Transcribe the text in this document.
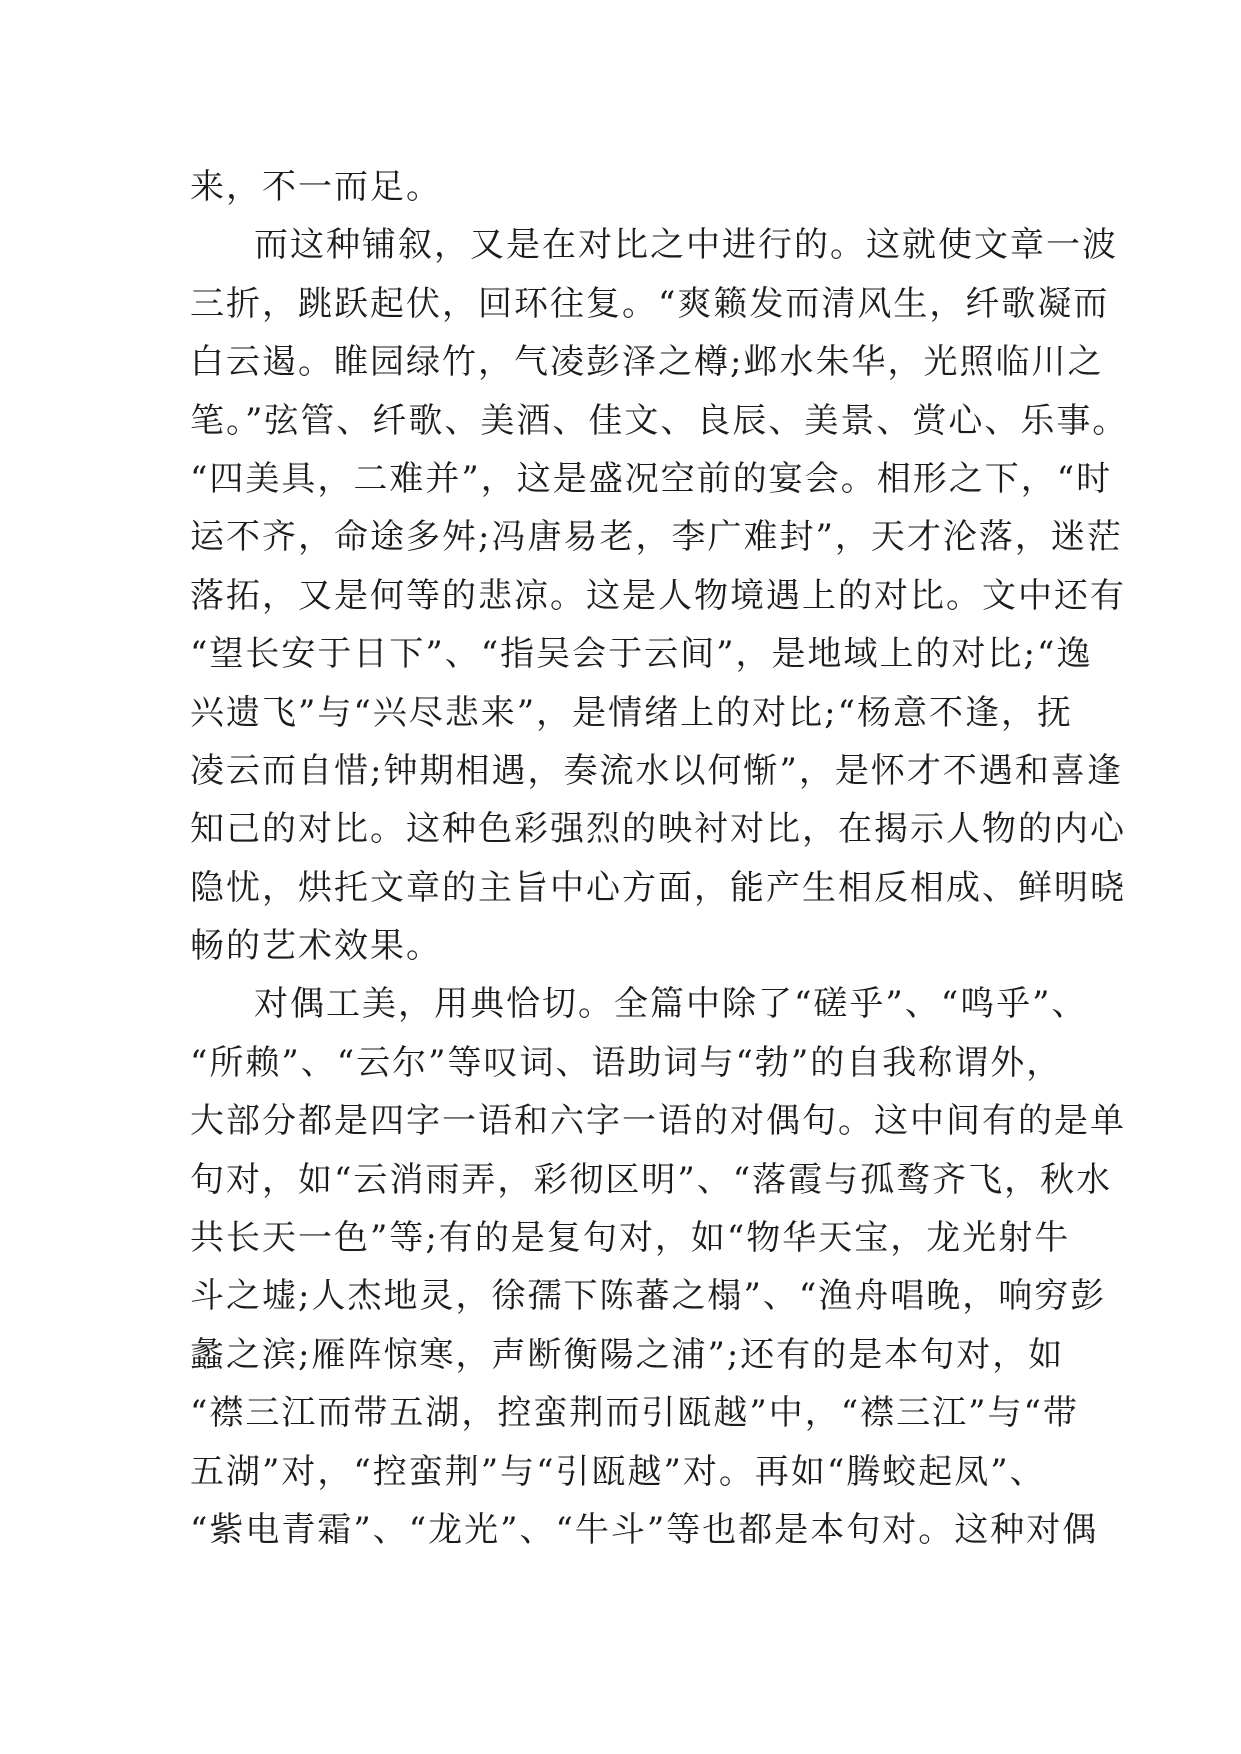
来，不一而足。
而这种铺叙，又是在对比之中进行的。这就使文章一波
三折，跳跃起伏，回环往复。“爽籁发而清风生，纤歌凝而
白云遏。睢园绿竹，气凌彭泽之樽;邺水朱华，光照临川之
笔。”弦管、纤歌、美酒、佳文、良辰、美景、赏心、乐事。
“四美具，二难并”，这是盛况空前的宴会。相形之下，“时
运不齐，命途多舛;冯唐易老，李广难封”，天才沦落，迷茫
落拓，又是何等的悲凉。这是人物境遇上的对比。文中还有
“望长安于日下”、“指吴会于云间”，是地域上的对比;“逸
兴遗飞”与“兴尽悲来”，是情绪上的对比;“杨意不逢，抚
凌云而自惜;钟期相遇，奏流水以何惭”，是怀才不遇和喜逢
知己的对比。这种色彩强烈的映衬对比，在揭示人物的内心
隐忧，烘托文章的主旨中心方面，能产生相反相成、鲜明晓
畅的艺术效果。
对偶工美，用典恰切。全篇中除了“磋乎”、“鸣乎”、
“所赖”、“云尔”等叹词、语助词与“勃”的自我称谓外，
大部分都是四字一语和六字一语的对偶句。这中间有的是单
句对，如“云消雨弄，彩彻区明”、“落霞与孤鹜齐飞，秋水
共长天一色”等;有的是复句对，如“物华天宝，龙光射牛
斗之墟;人杰地灵，徐孺下陈蕃之榻”、“渔舟唱晚，响穷彭
蠡之滨;雁阵惊寒，声断衡陽之浦”;还有的是本句对，如
“襟三江而带五湖，控蛮荆而引瓯越”中，“襟三江”与“带
五湖”对，“控蛮荆”与“引瓯越”对。再如“腾蛟起凤”、
“紫电青霜”、“龙光”、“牛斗”等也都是本句对。这种对偶
